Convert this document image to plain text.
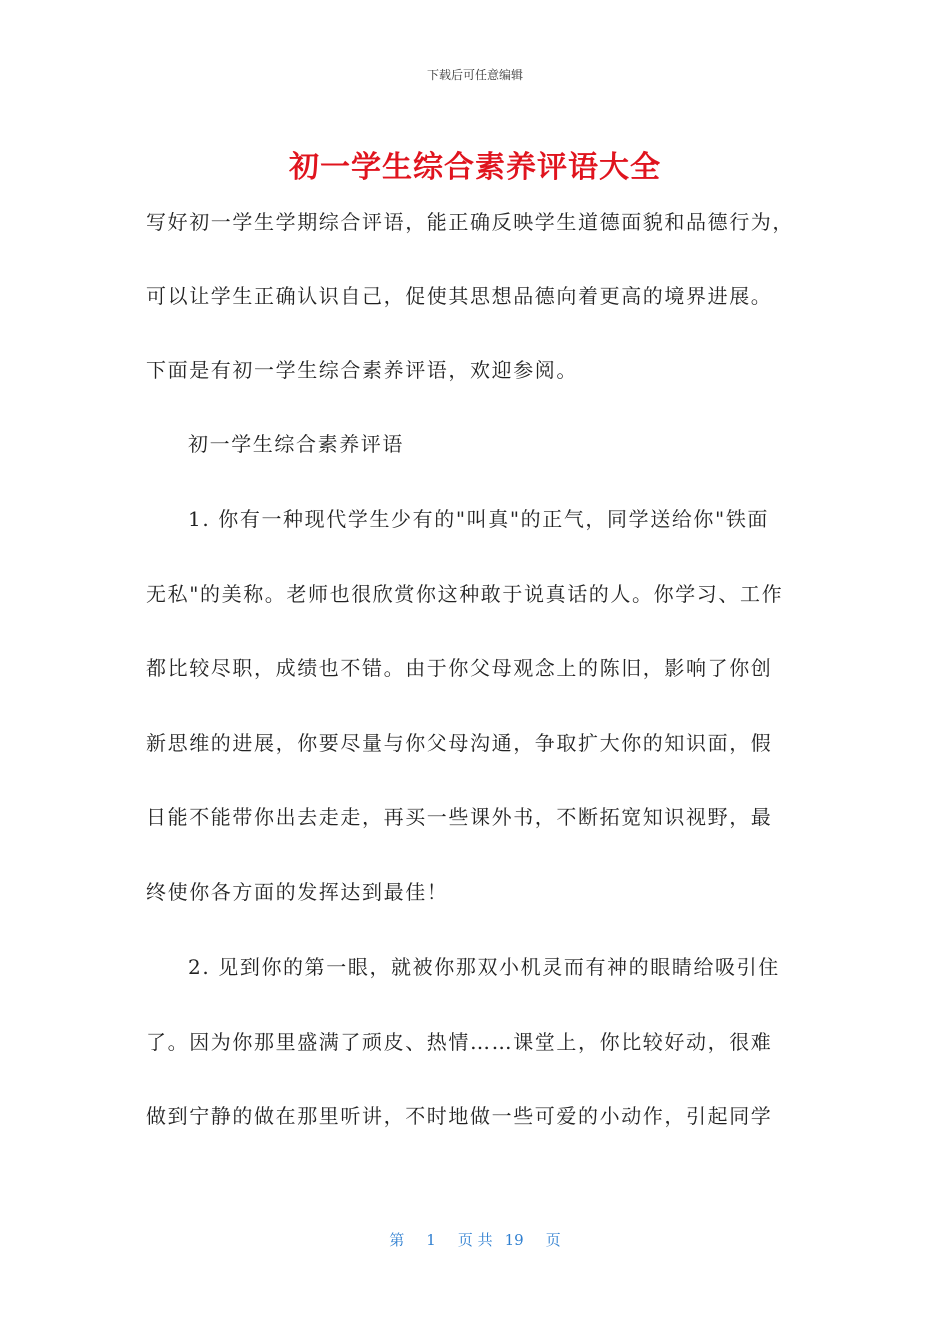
下载后可任意编辑
初一学生综合素养评语大全
写好初一学生学期综合评语，能正确反映学生道德面貌和品德行为，
可以让学生正确认识自己，促使其思想品德向着更高的境界进展。
下面是有初一学生综合素养评语，欢迎参阅。
初一学生综合素养评语
1. 你有一种现代学生少有的"叫真"的正气，同学送给你"铁面
无私"的美称。老师也很欣赏你这种敢于说真话的人。你学习、工作
都比较尽职，成绩也不错。由于你父母观念上的陈旧，影响了你创
新思维的进展，你要尽量与你父母沟通，争取扩大你的知识面，假
日能不能带你出去走走，再买一些课外书，不断拓宽知识视野，最
终使你各方面的发挥达到最佳！
2. 见到你的第一眼，就被你那双小机灵而有神的眼睛给吸引住
了。因为你那里盛满了顽皮、热情……课堂上，你比较好动，很难
做到宁静的做在那里听讲，不时地做一些可爱的小动作，引起同学
第 1 页 共 19 页
